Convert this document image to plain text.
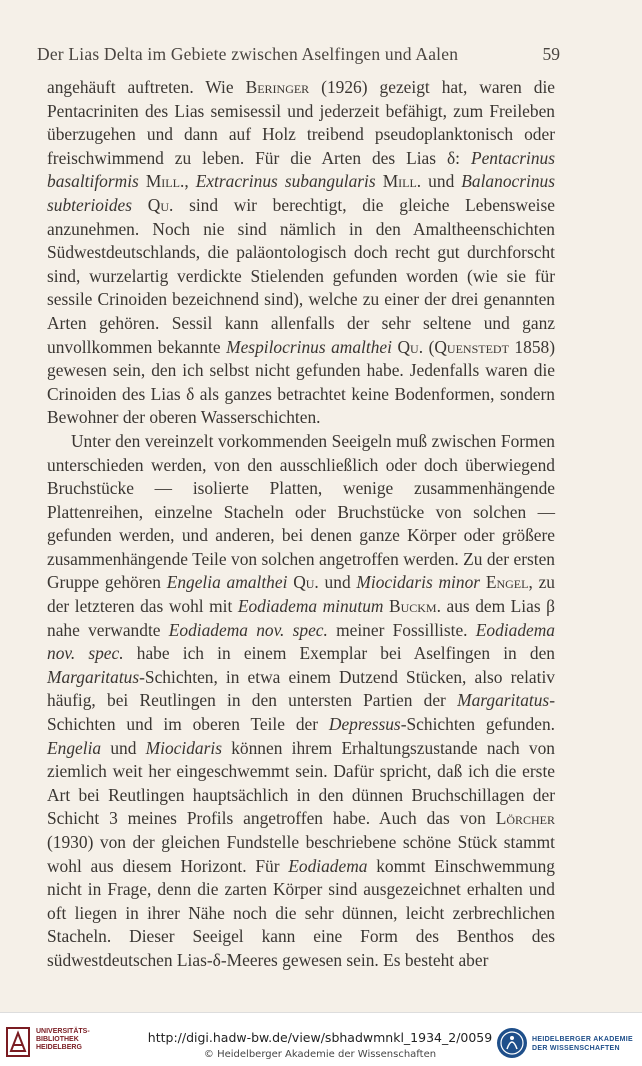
Der Lias Delta im Gebiete zwischen Aselfingen und Aalen	59

angehäuft auftreten. Wie Beringer (1926) gezeigt hat, waren die Pentacriniten des Lias semisessil und jederzeit befähigt, zum Freileben überzugehen und dann auf Holz treibend pseudoplanktonisch oder freischwimmend zu leben. Für die Arten des Lias δ: Pentacrinus basaltiformis Mill., Extracrinus subangularis Mill. und Balanocrinus subterioides Qu. sind wir berechtigt, die gleiche Lebensweise anzunehmen. Noch nie sind nämlich in den Amaltheenschichten Südwestdeutschlands, die paläontologisch doch recht gut durchforscht sind, wurzelartig verdickte Stielenden gefunden worden (wie sie für sessile Crinoiden bezeichnend sind), welche zu einer der drei genannten Arten gehören. Sessil kann allenfalls der sehr seltene und ganz unvollkommen bekannte Mespilocrinus amalthei Qu. (Quenstedt 1858) gewesen sein, den ich selbst nicht gefunden habe. Jedenfalls waren die Crinoiden des Lias δ als ganzes betrachtet keine Bodenformen, sondern Bewohner der oberen Wasserschichten.

Unter den vereinzelt vorkommenden Seeigeln muß zwischen Formen unterschieden werden, von den ausschließlich oder doch überwiegend Bruchstücke — isolierte Platten, wenige zusammenhängende Plattenreihen, einzelne Stacheln oder Bruchstücke von solchen — gefunden werden, und anderen, bei denen ganze Körper oder größere zusammenhängende Teile von solchen angetroffen werden. Zu der ersten Gruppe gehören Engelia amalthei Qu. und Miocidaris minor Engel, zu der letzteren das wohl mit Eodiadema minutum Buckm. aus dem Lias β nahe verwandte Eodiadema nov. spec. meiner Fossilliste. Eodiadema nov. spec. habe ich in einem Exemplar bei Aselfingen in den Margaritatus-Schichten, in etwa einem Dutzend Stücken, also relativ häufig, bei Reutlingen in den untersten Partien der Margaritatus-Schichten und im oberen Teile der Depressus-Schichten gefunden. Engelia und Miocidaris können ihrem Erhaltungszustande nach von ziemlich weit her eingeschwemmt sein. Dafür spricht, daß ich die erste Art bei Reutlingen hauptsächlich in den dünnen Bruchschillagen der Schicht 3 meines Profils angetroffen habe. Auch das von Lörcher (1930) von der gleichen Fundstelle beschriebene schöne Stück stammt wohl aus diesem Horizont. Für Eodiadema kommt Einschwemmung nicht in Frage, denn die zarten Körper sind ausgezeichnet erhalten und oft liegen in ihrer Nähe noch die sehr dünnen, leicht zerbrechlichen Stacheln. Dieser Seeigel kann eine Form des Benthos des südwestdeutschen Lias-δ-Meeres gewesen sein. Es besteht aber

UNIVERSITÄTS-
BIBLIOTHEK
HEIDELBERG
http://digi.hadw-bw.de/view/sbhadwmnkl_1934_2/0059
© Heidelberger Akademie der Wissenschaften
HEIDELBERGER AKADEMIE
DER WISSENSCHAFTEN
